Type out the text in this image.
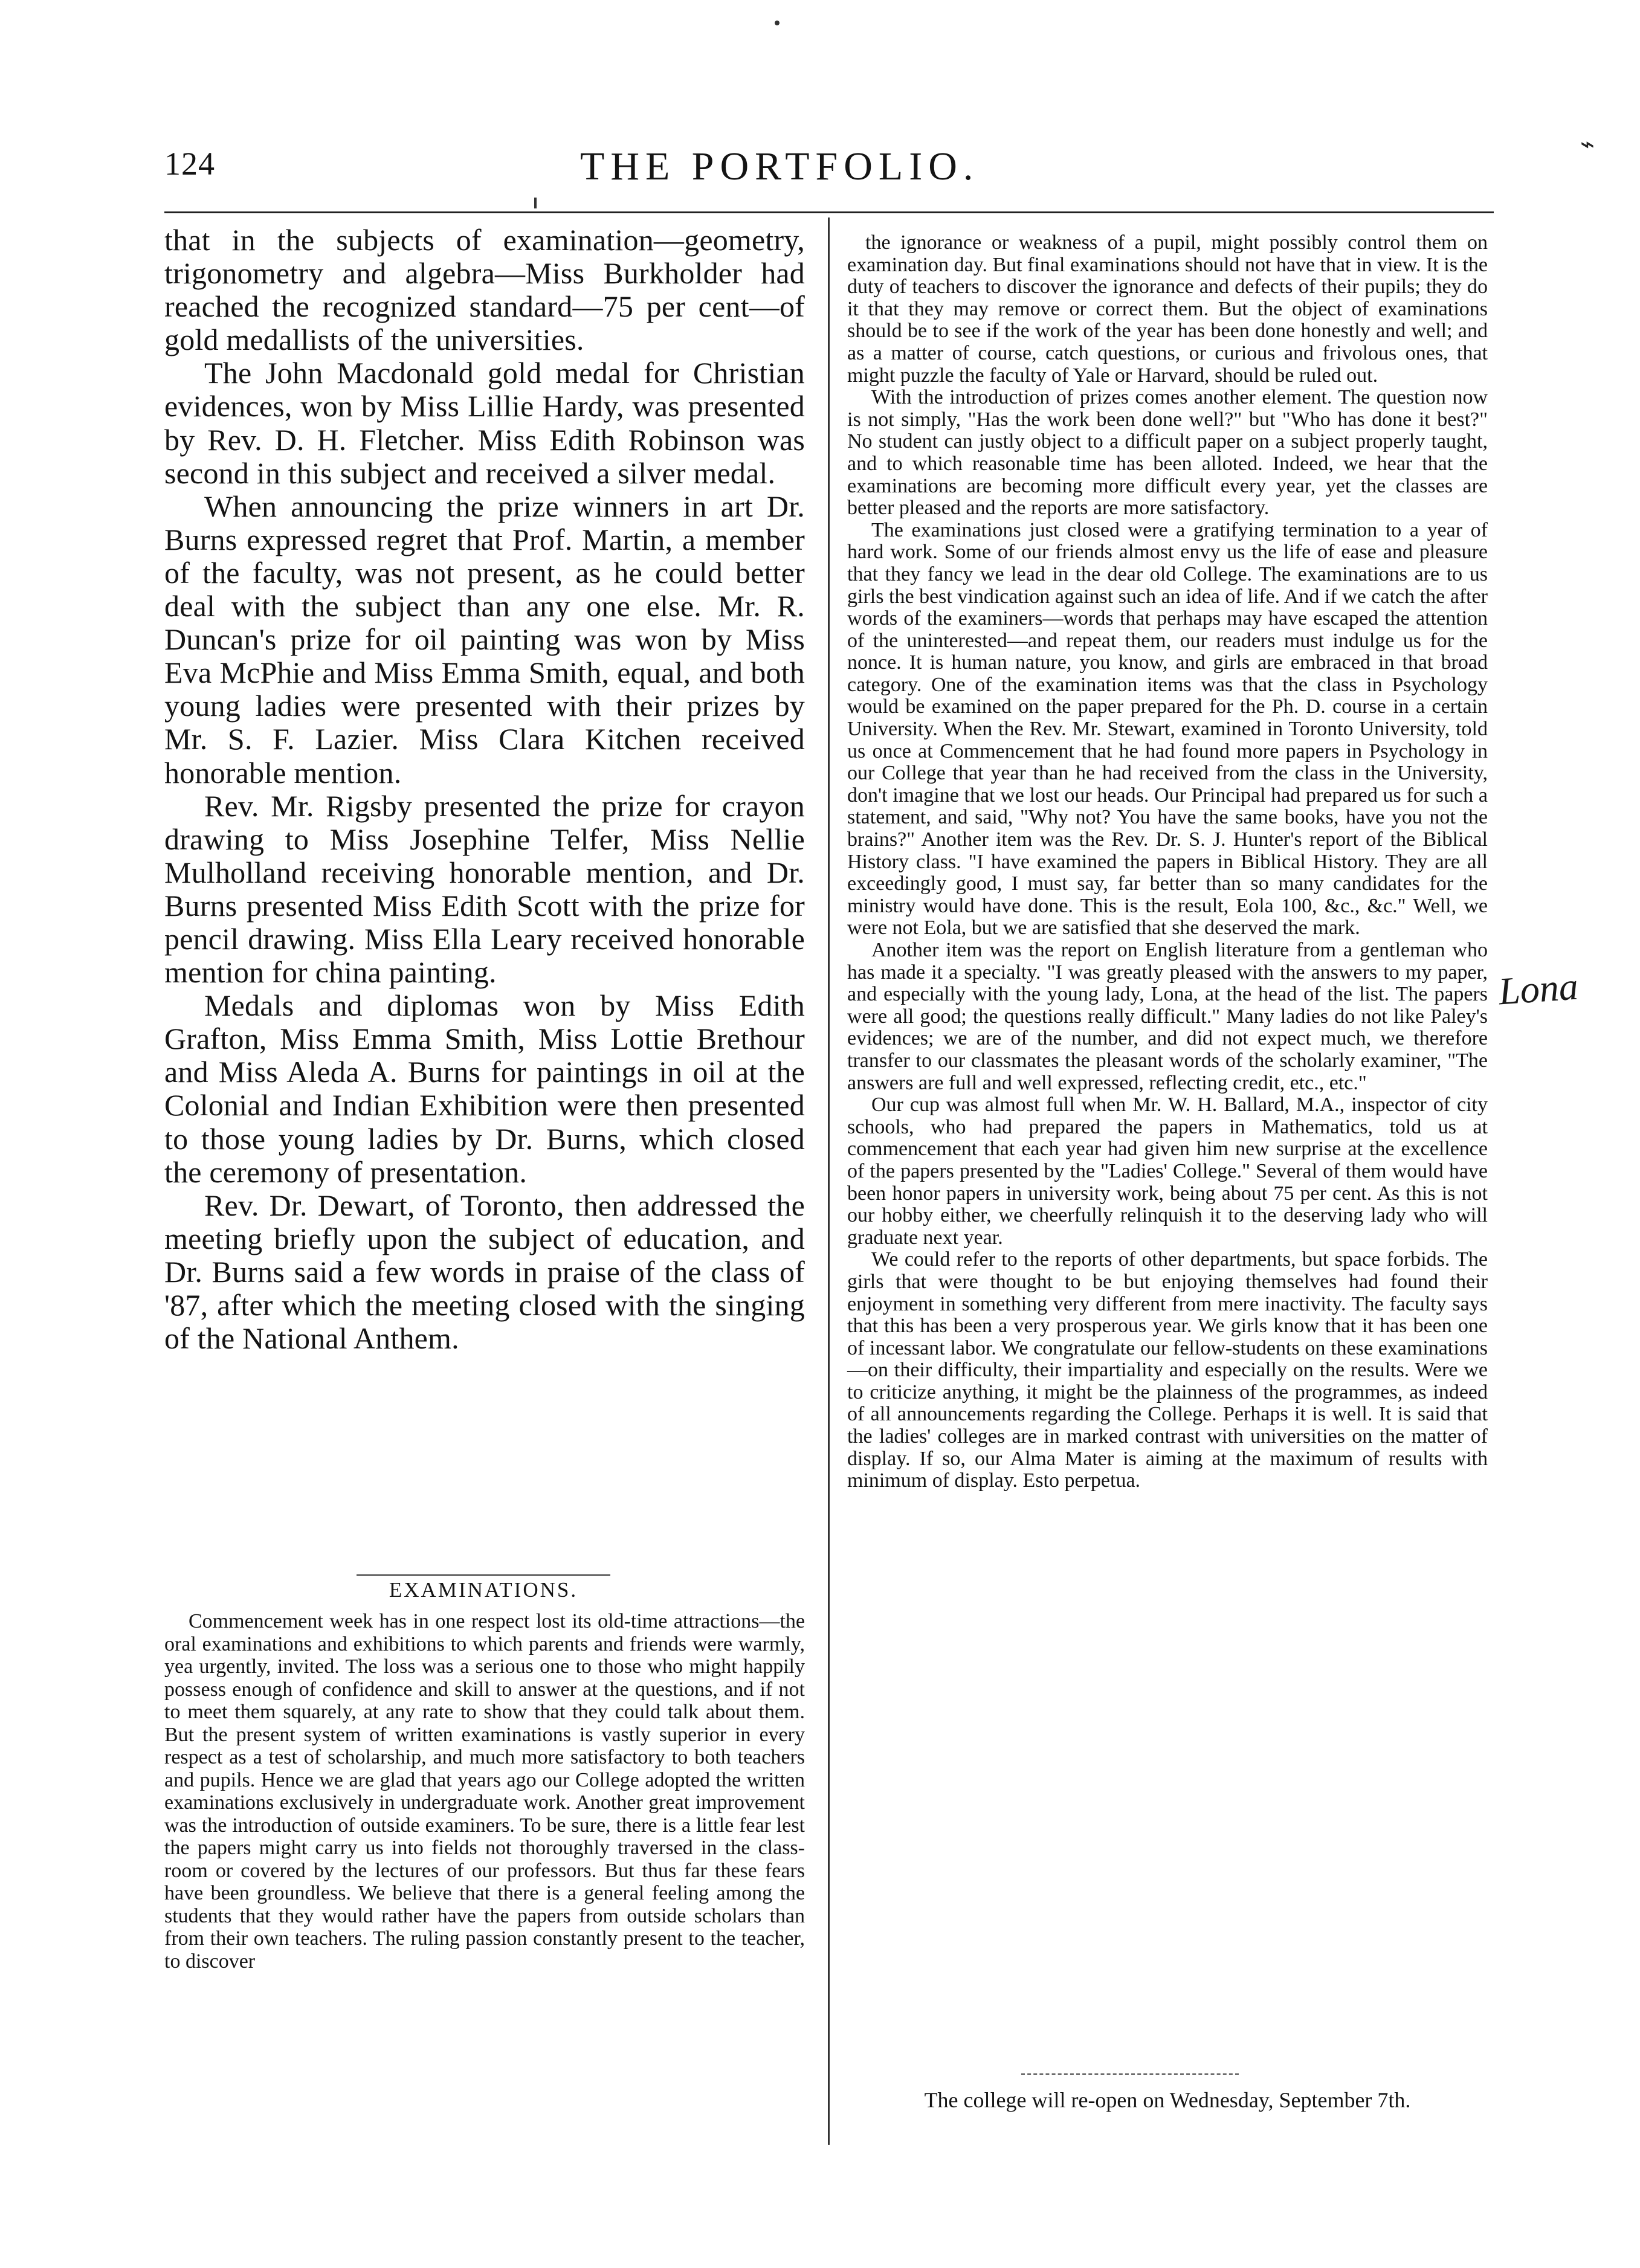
⌁
124	THE PORTFOLIO.

that in the subjects of examination—geometry, trigonometry and algebra—Miss Burkholder had reached the recognized standard—75 per cent—of gold medallists of the universities.

The John Macdonald gold medal for Christian evidences, won by Miss Lillie Hardy, was presented by Rev. D. H. Fletcher. Miss Edith Robinson was second in this subject and received a silver medal.

When announcing the prize winners in art Dr. Burns expressed regret that Prof. Martin, a member of the faculty, was not present, as he could better deal with the subject than any one else. Mr. R. Duncan's prize for oil painting was won by Miss Eva McPhie and Miss Emma Smith, equal, and both young ladies were presented with their prizes by Mr. S. F. Lazier. Miss Clara Kitchen received honorable mention.

Rev. Mr. Rigsby presented the prize for crayon drawing to Miss Josephine Telfer, Miss Nellie Mulholland receiving honorable mention, and Dr. Burns presented Miss Edith Scott with the prize for pencil drawing. Miss Ella Leary received honorable mention for china painting.

Medals and diplomas won by Miss Edith Grafton, Miss Emma Smith, Miss Lottie Brethour and Miss Aleda A. Burns for paintings in oil at the Colonial and Indian Exhibition were then presented to those young ladies by Dr. Burns, which closed the ceremony of presentation.

Rev. Dr. Dewart, of Toronto, then addressed the meeting briefly upon the subject of education, and Dr. Burns said a few words in praise of the class of '87, after which the meeting closed with the singing of the National Anthem.

EXAMINATIONS.

Commencement week has in one respect lost its old-time attractions—the oral examinations and exhibitions to which parents and friends were warmly, yea urgently, invited. The loss was a serious one to those who might happily possess enough of confidence and skill to answer at the questions, and if not to meet them squarely, at any rate to show that they could talk about them. But the present system of written examinations is vastly superior in every respect as a test of scholarship, and much more satisfactory to both teachers and pupils. Hence we are glad that years ago our College adopted the written examinations exclusively in undergraduate work. Another great improvement was the introduction of outside examiners. To be sure, there is a little fear lest the papers might carry us into fields not thoroughly traversed in the class-room or covered by the lectures of our professors. But thus far these fears have been groundless. We believe that there is a general feeling among the students that they would rather have the papers from outside scholars than from their own teachers. The ruling passion constantly present to the teacher, to discover

the ignorance or weakness of a pupil, might possibly control them on examination day. But final examinations should not have that in view. It is the duty of teachers to discover the ignorance and defects of their pupils; they do it that they may remove or correct them. But the object of examinations should be to see if the work of the year has been done honestly and well; and as a matter of course, catch questions, or curious and frivolous ones, that might puzzle the faculty of Yale or Harvard, should be ruled out.

With the introduction of prizes comes another element. The question now is not simply, "Has the work been done well?" but "Who has done it best?" No student can justly object to a difficult paper on a subject properly taught, and to which reasonable time has been alloted. Indeed, we hear that the examinations are becoming more difficult every year, yet the classes are better pleased and the reports are more satisfactory.

The examinations just closed were a gratifying termination to a year of hard work. Some of our friends almost envy us the life of ease and pleasure that they fancy we lead in the dear old College. The examinations are to us girls the best vindication against such an idea of life. And if we catch the after words of the examiners—words that perhaps may have escaped the attention of the uninterested—and repeat them, our readers must indulge us for the nonce. It is human nature, you know, and girls are embraced in that broad category. One of the examination items was that the class in Psychology would be examined on the paper prepared for the Ph. D. course in a certain University. When the Rev. Mr. Stewart, examined in Toronto University, told us once at Commencement that he had found more papers in Psychology in our College that year than he had received from the class in the University, don't imagine that we lost our heads. Our Principal had prepared us for such a statement, and said, "Why not? You have the same books, have you not the brains?" Another item was the Rev. Dr. S. J. Hunter's report of the Biblical History class. "I have examined the papers in Biblical History. They are all exceedingly good, I must say, far better than so many candidates for the ministry would have done. This is the result, Eola 100, &c., &c." Well, we were not Eola, but we are satisfied that she deserved the mark.

Another item was the report on English literature from a gentleman who has made it a specialty. "I was greatly pleased with the answers to my paper, and especially with the young lady, Lona, at the head of the list. The papers were all good; the questions really difficult." Many ladies do not like Paley's evidences; we are of the number, and did not expect much, we therefore transfer to our classmates the pleasant words of the scholarly examiner, "The answers are full and well expressed, reflecting credit, etc., etc."

Our cup was almost full when Mr. W. H. Ballard, M.A., inspector of city schools, who had prepared the papers in Mathematics, told us at commencement that each year had given him new surprise at the excellence of the papers presented by the "Ladies' College." Several of them would have been honor papers in university work, being about 75 per cent. As this is not our hobby either, we cheerfully relinquish it to the deserving lady who will graduate next year.

We could refer to the reports of other departments, but space forbids. The girls that were thought to be but enjoying themselves had found their enjoyment in something very different from mere inactivity. The faculty says that this has been a very prosperous year. We girls know that it has been one of incessant labor. We congratulate our fellow-students on these examinations—on their difficulty, their impartiality and especially on the results. Were we to criticize anything, it might be the plainness of the programmes, as indeed of all announcements regarding the College. Perhaps it is well. It is said that the ladies' colleges are in marked contrast with universities on the matter of display. If so, our Alma Mater is aiming at the maximum of results with minimum of display. Esto perpetua.

The college will re-open on Wednesday, September 7th.
Lona
